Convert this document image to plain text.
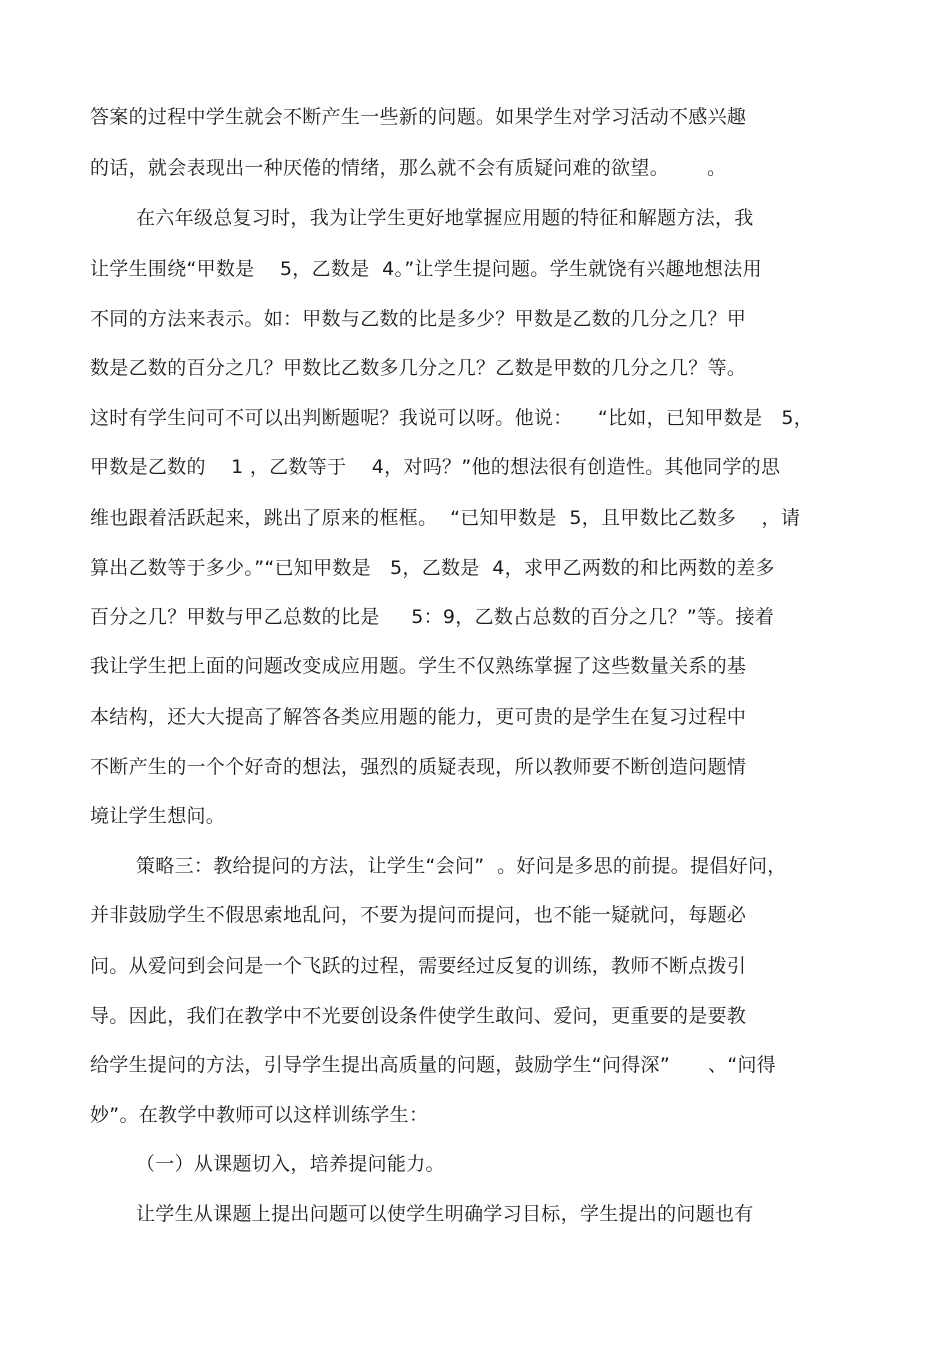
答案的过程中学生就会不断产生一些新的问题。如果学生对学习活动不感兴趣
的话，就会表现出一种厌倦的情绪，那么就不会有质疑问难的欲望。      。
在六年级总复习时，我为让学生更好地掌握应用题的特征和解题方法，我
让学生围绕“甲数是    5，乙数是  4。”让学生提问题。学生就饶有兴趣地想法用
不同的方法来表示。如：甲数与乙数的比是多少？甲数是乙数的几分之几？甲
数是乙数的百分之几？甲数比乙数多几分之几？乙数是甲数的几分之几？等。
这时有学生问可不可以出判断题呢？我说可以呀。他说：    “比如，已知甲数是   5，
甲数是乙数的    1 ，乙数等于    4，对吗？”他的想法很有创造性。其他同学的思
维也跟着活跃起来，跳出了原来的框框。  “已知甲数是  5，且甲数比乙数多    ，请
算出乙数等于多少。”“已知甲数是   5，乙数是  4，求甲乙两数的和比两数的差多
百分之几？甲数与甲乙总数的比是     5：9，乙数占总数的百分之几？”等。接着
我让学生把上面的问题改变成应用题。学生不仅熟练掌握了这些数量关系的基
本结构，还大大提高了解答各类应用题的能力，更可贵的是学生在复习过程中
不断产生的一个个好奇的想法，强烈的质疑表现，所以教师要不断创造问题情
境让学生想问。
策略三：教给提问的方法，让学生“会问”  。好问是多思的前提。提倡好问，
并非鼓励学生不假思索地乱问，不要为提问而提问，也不能一疑就问，每题必
问。从爱问到会问是一个飞跃的过程，需要经过反复的训练，教师不断点拨引
导。因此，我们在教学中不光要创设条件使学生敢问、爱问，更重要的是要教
给学生提问的方法，引导学生提出高质量的问题，鼓励学生“问得深”      、“问得
妙”。在教学中教师可以这样训练学生：
（一）从课题切入，培养提问能力。
让学生从课题上提出问题可以使学生明确学习目标，学生提出的问题也有
